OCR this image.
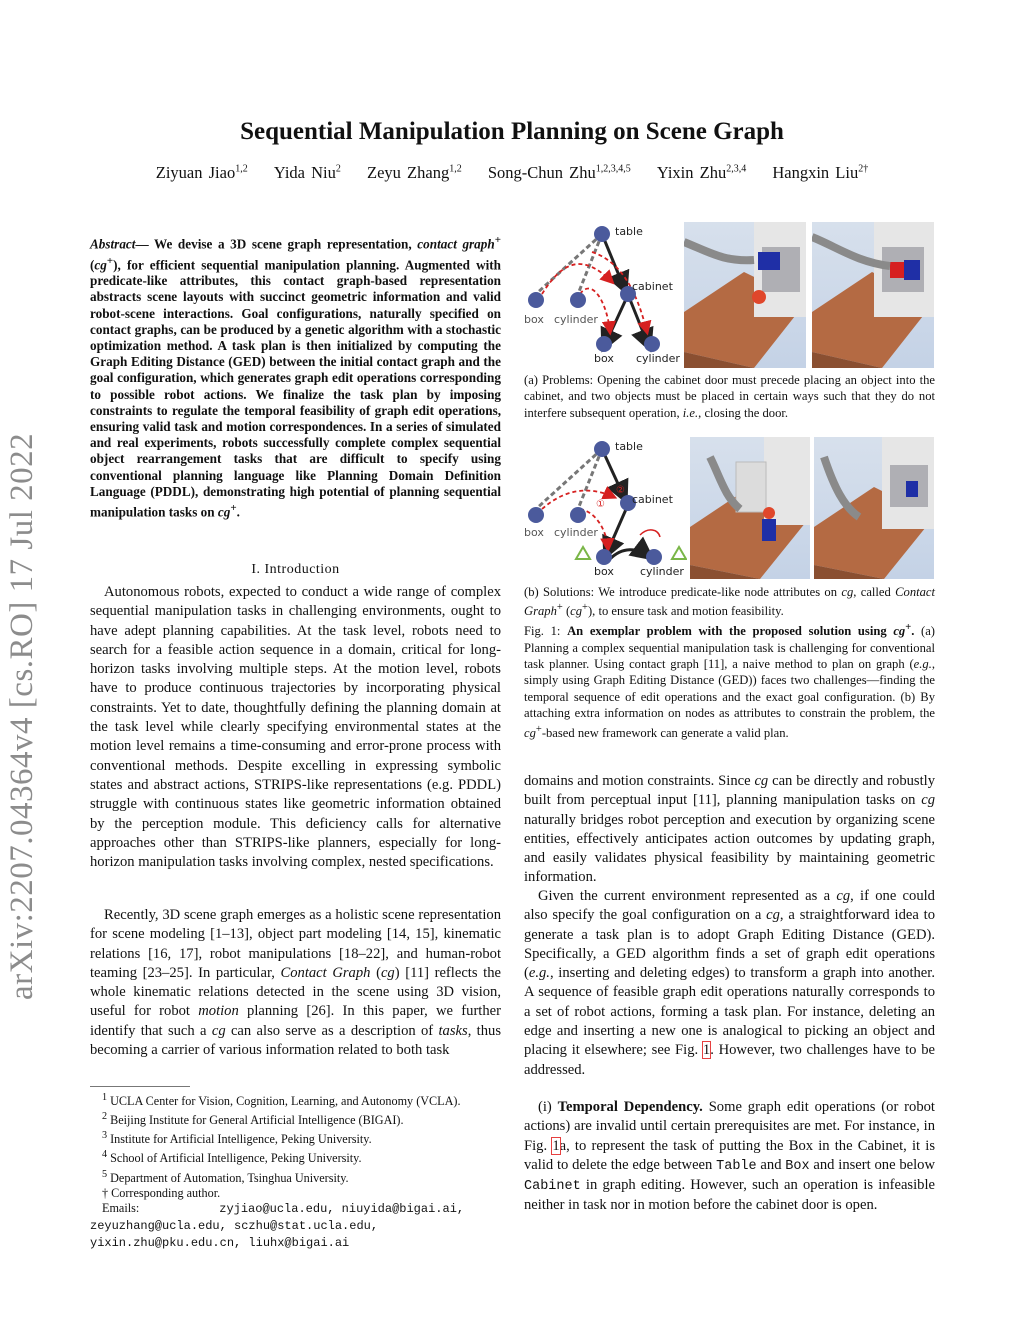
Sequential Manipulation Planning on Scene Graph
Ziyuan Jiao$^{1,2}$ Yida Niu$^2$ Zeyu Zhang$^{1,2}$ Song-Chun Zhu$^{1,2,3,4,5}$ Yixin Zhu$^{2,3,4}$ Hangxin Liu$^{2\dagger}$
arXiv:2207.04364v4 [cs.RO] 17 Jul 2022
Abstract— We devise a 3D scene graph representation, contact graph+ (cg+), for efficient sequential manipulation planning. Augmented with predicate-like attributes, this contact graph-based representation abstracts scene layouts with succinct geometric information and valid robot-scene interactions. Goal configurations, naturally specified on contact graphs, can be produced by a genetic algorithm with a stochastic optimization method. A task plan is then initialized by computing the Graph Editing Distance (GED) between the initial contact graph and the goal configuration, which generates graph edit operations corresponding to possible robot actions. We finalize the task plan by imposing constraints to regulate the temporal feasibility of graph edit operations, ensuring valid task and motion correspondences. In a series of simulated and real experiments, robots successfully complete complex sequential object rearrangement tasks that are difficult to specify using conventional planning language like Planning Domain Definition Language (PDDL), demonstrating high potential of planning sequential manipulation tasks on cg+.
I. Introduction
Autonomous robots, expected to conduct a wide range of complex sequential manipulation tasks in challenging environments, ought to have adept planning capabilities. At the task level, robots need to search for a feasible action sequence in a domain, critical for long-horizon tasks involving multiple steps. At the motion level, robots have to produce continuous trajectories by incorporating physical constraints. Yet to date, thoughtfully defining the planning domain at the task level while clearly specifying environmental states at the motion level remains a time-consuming and error-prone process with conventional methods. Despite excelling in expressing symbolic states and abstract actions, STRIPS-like representations (e.g. PDDL) struggle with continuous states like geometric information obtained by the perception module. This deficiency calls for alternative approaches other than STRIPS-like planners, especially for long-horizon manipulation tasks involving complex, nested specifications.
Recently, 3D scene graph emerges as a holistic scene representation for scene modeling [1–13], object part modeling [14, 15], kinematic relations [16, 17], robot manipulations [18–22], and human-robot teaming [23–25]. In particular, Contact Graph (cg) [11] reflects the whole kinematic relations detected in the scene using 3D vision, useful for robot motion planning [26]. In this paper, we further identify that such a cg can also serve as a description of tasks, thus becoming a carrier of various information related to both task
$^1$ UCLA Center for Vision, Cognition, Learning, and Autonomy (VCLA).
$^2$ Beijing Institute for General Artificial Intelligence (BIGAI).
$^3$ Institute for Artificial Intelligence, Peking University.
$^4$ School of Artificial Intelligence, Peking University.
$^5$ Department of Automation, Tsinghua University.
† Corresponding author.
Emails:	zyjiao@ucla.edu, niuyida@bigai.ai,
zeyuzhang@ucla.edu, sczhu@stat.ucla.edu,
yixin.zhu@pku.edu.cn, liuhx@bigai.ai
table
cabinet
box cylinder
box cylinder
(a) Problems: Opening the cabinet door must precede placing an object into the cabinet, and two objects must be placed in certain ways such that they do not interfere subsequent operation, i.e., closing the door.
①
②
table
cabinet
box cylinder
box cylinder
(b) Solutions: We introduce predicate-like node attributes on cg, called Contact Graph+ (cg+), to ensure task and motion feasibility.
Fig. 1: An exemplar problem with the proposed solution using cg+. (a) Planning a complex sequential manipulation task is challenging for conventional task planner. Using contact graph [11], a naive method to plan on graph (e.g., simply using Graph Editing Distance (GED)) faces two challenges—finding the temporal sequence of edit operations and the exact goal configuration. (b) By attaching extra information on nodes as attributes to constrain the problem, the cg+-based new framework can generate a valid plan.
domains and motion constraints. Since cg can be directly and robustly built from perceptual input [11], planning manipulation tasks on cg naturally bridges robot perception and execution by organizing scene entities, effectively anticipates action outcomes by updating graph, and easily validates physical feasibility by maintaining geometric information.
Given the current environment represented as a cg, if one could also specify the goal configuration on a cg, a straightforward idea to generate a task plan is to adopt Graph Editing Distance (GED). Specifically, a GED algorithm finds a set of graph edit operations (e.g., inserting and deleting edges) to transform a graph into another. A sequence of feasible graph edit operations naturally corresponds to a set of robot actions, forming a task plan. For instance, deleting an edge and inserting a new one is analogical to picking an object and placing it elsewhere; see Fig. 1. However, two challenges have to be addressed.
(i) Temporal Dependency. Some graph edit operations (or robot actions) are invalid until certain prerequisites are met. For instance, in Fig. 1a, to represent the task of putting the Box in the Cabinet, it is valid to delete the edge between Table and Box and insert one below Cabinet in graph editing. However, such an operation is infeasible neither in task nor in motion before the cabinet door is open.
